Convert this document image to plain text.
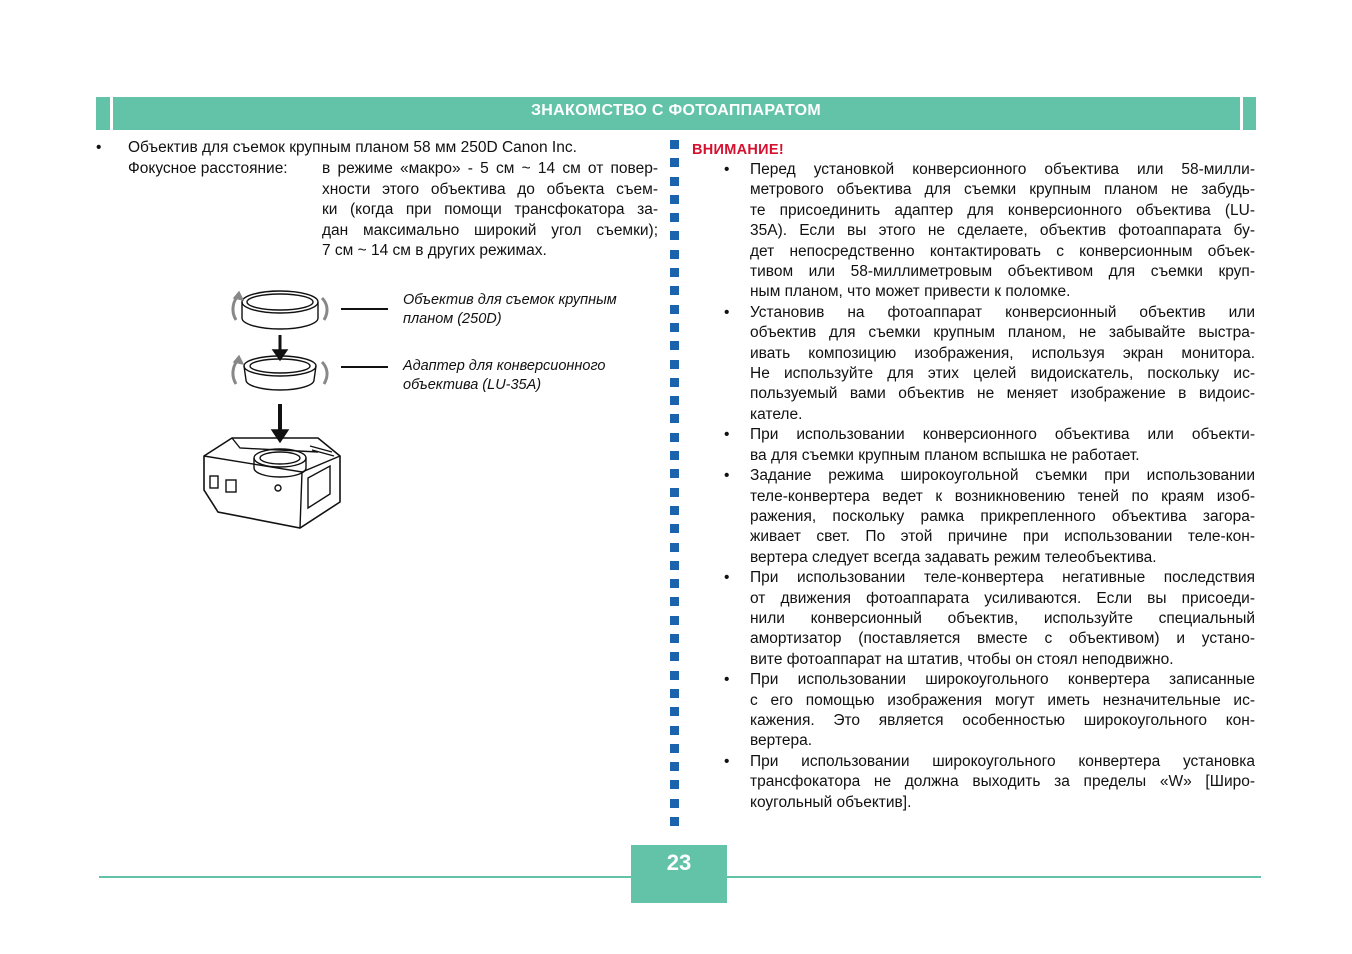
ЗНАКОМСТВО С ФОТОАППАРАТОМ
• Объектив для съемок крупным планом 58 мм 250D Canon Inc.
Фокусное расстояние: в режиме «макро» - 5 см ~ 14 см от повер-
хности этого объектива до объекта съем-
ки (когда при помощи трансфокатора за-
дан максимально широкий угол съемки);
7 см ~ 14 см в других режимах.
Объектив для съемок крупным
планом (250D)
Адаптер для конверсионного
объектива (LU-35A)
ВНИМАНИЕ!
• Перед установкой конверсионного объектива или 58-милли-
метрового объектива для съемки крупным планом не забудь-
те присоединить адаптер для конверсионного объектива (LU-
35A). Если вы этого не сделаете, объектив фотоаппарата бу-
дет непосредственно контактировать с конверсионным объек-
тивом или 58-миллиметровым объективом для съемки круп-
ным планом, что может привести к поломке.
• Установив на фотоаппарат конверсионный объектив или
объектив для съемки крупным планом, не забывайте выстра-
ивать композицию изображения, используя экран монитора.
Не используйте для этих целей видоискатель, поскольку ис-
пользуемый вами объектив не меняет изображение в видоис-
кателе.
• При использовании конверсионного объектива или объекти-
ва для съемки крупным планом вспышка не работает.
• Задание режима широкоугольной съемки при использовании
теле-конвертера ведет к возникновению теней по краям изоб-
ражения, поскольку рамка прикрепленного объектива загора-
живает свет. По этой причине при использовании теле-кон-
вертера следует всегда задавать режим телеобъектива.
• При использовании теле-конвертера негативные последствия
от движения фотоаппарата усиливаются. Если вы присоеди-
нили конверсионный объектив, используйте специальный
амортизатор (поставляется вместе с объективом) и устано-
вите фотоаппарат на штатив, чтобы он стоял неподвижно.
• При использовании широкоугольного конвертера записанные
с его помощью изображения могут иметь незначительные ис-
кажения. Это является особенностью широкоугольного кон-
вертера.
• При использовании широкоугольного конвертера установка
трансфокатора не должна выходить за пределы «W» [Широ-
коугольный объектив].
23
